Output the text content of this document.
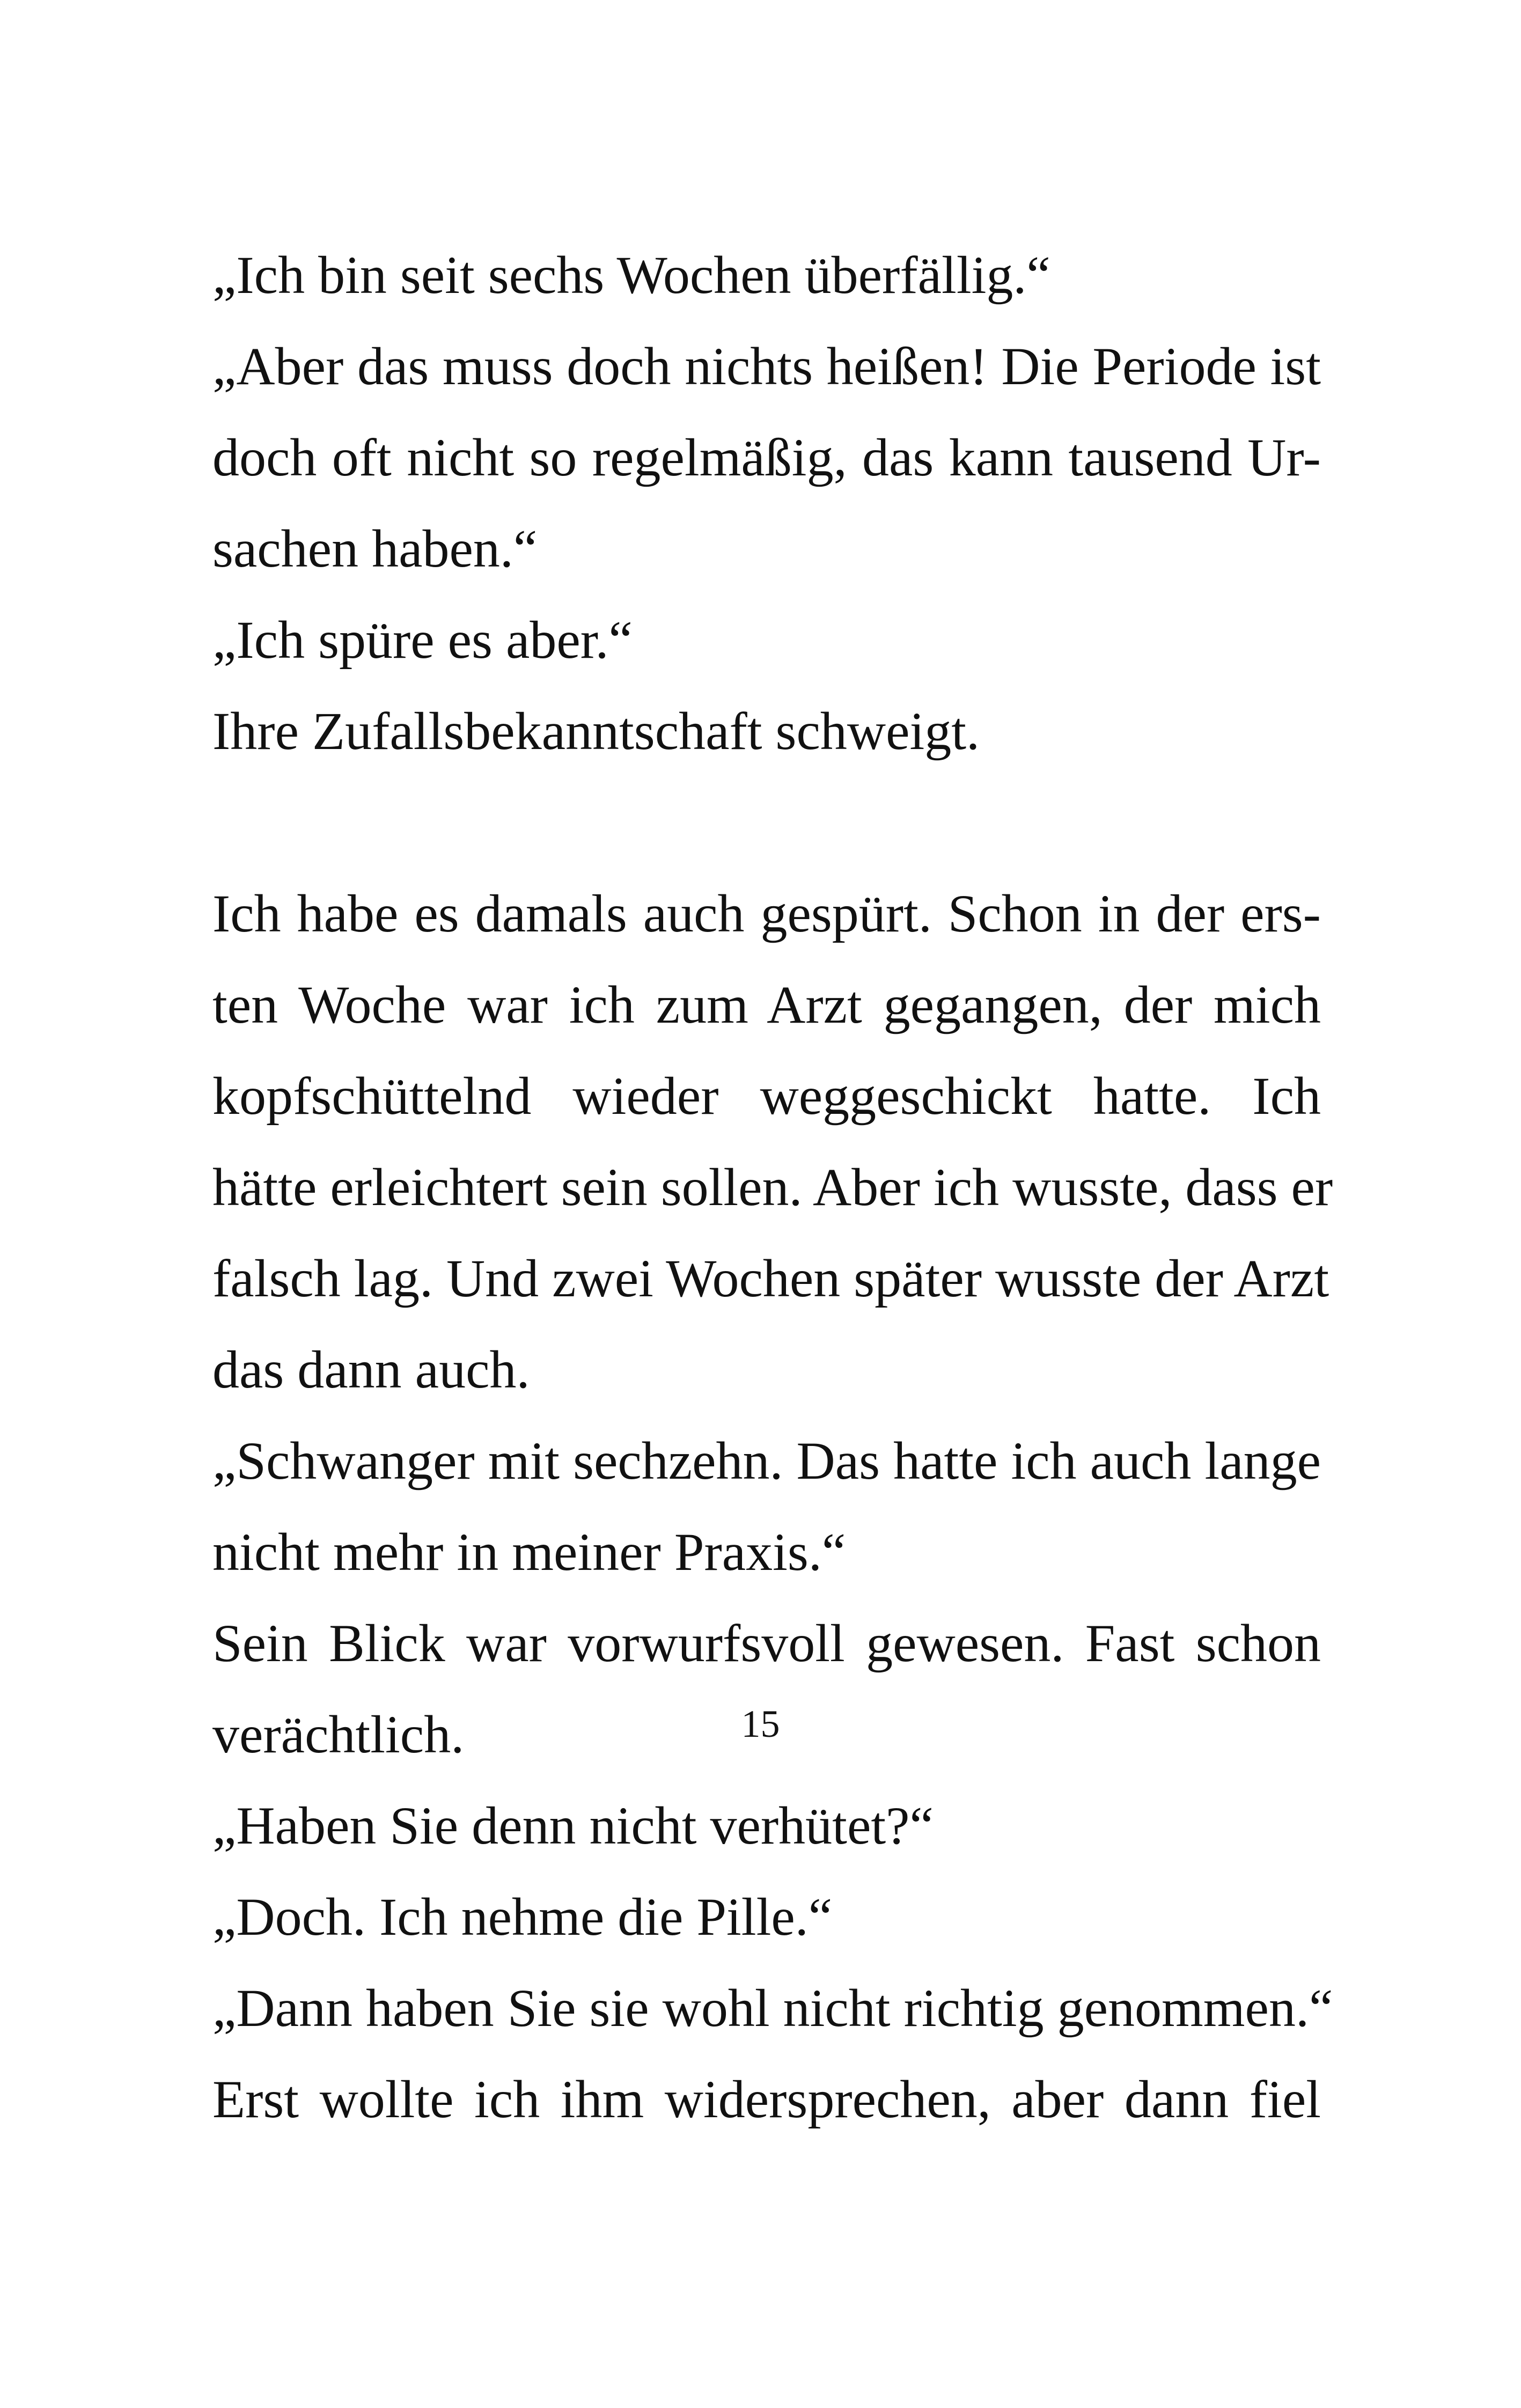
„Ich bin seit sechs Wochen überfällig.“

„Aber das muss doch nichts heißen! Die Periode ist

doch oft nicht so regelmäßig, das kann tausend Ur-

sachen haben.“

„Ich spüre es aber.“

Ihre Zufallsbekanntschaft schweigt.

Ich habe es damals auch gespürt. Schon in der ers-

ten Woche war ich zum Arzt gegangen, der mich

kopfschüttelnd wieder weggeschickt hatte. Ich

hätte erleichtert sein sollen. Aber ich wusste, dass er

falsch lag. Und zwei Wochen später wusste der Arzt

das dann auch.

„Schwanger mit sechzehn. Das hatte ich auch lange

nicht mehr in meiner Praxis.“

Sein Blick war vorwurfsvoll gewesen. Fast schon

verächtlich.

„Haben Sie denn nicht verhütet?“

„Doch. Ich nehme die Pille.“

„Dann haben Sie sie wohl nicht richtig genommen.“

Erst wollte ich ihm widersprechen, aber dann fiel

15
